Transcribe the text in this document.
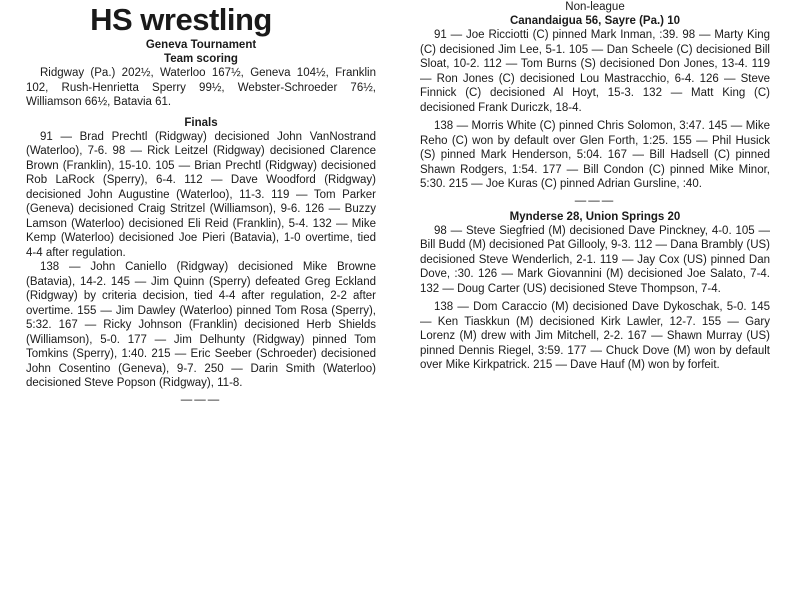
HS wrestling
Geneva Tournament
Team scoring

Ridgway (Pa.) 202½, Waterloo 167½, Geneva 104½, Franklin 102, Rush-Henrietta Sperry 99½, Webster-Schroeder 76½, Williamson 66½, Batavia 61.

Finals

91 — Brad Prechtl (Ridgway) decisioned John VanNostrand (Waterloo), 7-6. 98 — Rick Leitzel (Ridgway) decisioned Clarence Brown (Franklin), 15-10. 105 — Brian Prechtl (Ridgway) decisioned Rob LaRock (Sperry), 6-4. 112 — Dave Woodford (Ridgway) decisioned John Augustine (Waterloo), 11-3. 119 — Tom Parker (Geneva) decisioned Craig Stritzel (Williamson), 9-6. 126 — Buzzy Lamson (Waterloo) decisioned Eli Reid (Franklin), 5-4. 132 — Mike Kemp (Waterloo) decisioned Joe Pieri (Batavia), 1-0 overtime, tied 4-4 after regulation.

138 — John Caniello (Ridgway) decisioned Mike Browne (Batavia), 14-2. 145 — Jim Quinn (Sperry) defeated Greg Eckland (Ridgway) by criteria decision, tied 4-4 after regulation, 2-2 after overtime. 155 — Jim Dawley (Waterloo) pinned Tom Rosa (Sperry), 5:32. 167 — Ricky Johnson (Franklin) decisioned Herb Shields (Williamson), 5-0. 177 — Jim Delhunty (Ridgway) pinned Tom Tomkins (Sperry), 1:40. 215 — Eric Seeber (Schroeder) decisioned John Cosentino (Geneva), 9-7. 250 — Darin Smith (Waterloo) decisioned Steve Popson (Ridgway), 11-8.

———
Non-league
Canandaigua 56, Sayre (Pa.) 10

91 — Joe Ricciotti (C) pinned Mark Inman, :39. 98 — Marty King (C) decisioned Jim Lee, 5-1. 105 — Dan Scheele (C) decisioned Bill Sloat, 10-2. 112 — Tom Burns (S) decisioned Don Jones, 13-4. 119 — Ron Jones (C) decisioned Lou Mastracchio, 6-4. 126 — Steve Finnick (C) decisioned Al Hoyt, 15-3. 132 — Matt King (C) decisioned Frank Duriczk, 18-4.

138 — Morris White (C) pinned Chris Solomon, 3:47. 145 — Mike Reho (C) won by default over Glen Forth, 1:25. 155 — Phil Husick (S) pinned Mark Henderson, 5:04. 167 — Bill Hadsell (C) pinned Shawn Rodgers, 1:54. 177 — Bill Condon (C) pinned Mike Minor, 5:30. 215 — Joe Kuras (C) pinned Adrian Gursline, :40.

———
Mynderse 28, Union Springs 20

98 — Steve Siegfried (M) decisioned Dave Pinckney, 4-0. 105 — Bill Budd (M) decisioned Pat Gillooly, 9-3. 112 — Dana Brambly (US) decisioned Steve Wenderlich, 2-1. 119 — Jay Cox (US) pinned Dan Dove, :30. 126 — Mark Giovannini (M) decisioned Joe Salato, 7-4. 132 — Doug Carter (US) decisioned Steve Thompson, 7-4.

138 — Dom Caraccio (M) decisioned Dave Dykoschak, 5-0. 145 — Ken Tiaskkun (M) decisioned Kirk Lawler, 12-7. 155 — Gary Lorenz (M) drew with Jim Mitchell, 2-2. 167 — Shawn Murray (US) pinned Dennis Riegel, 3:59. 177 — Chuck Dove (M) won by default over Mike Kirkpatrick. 215 — Dave Hauf (M) won by forfeit.
